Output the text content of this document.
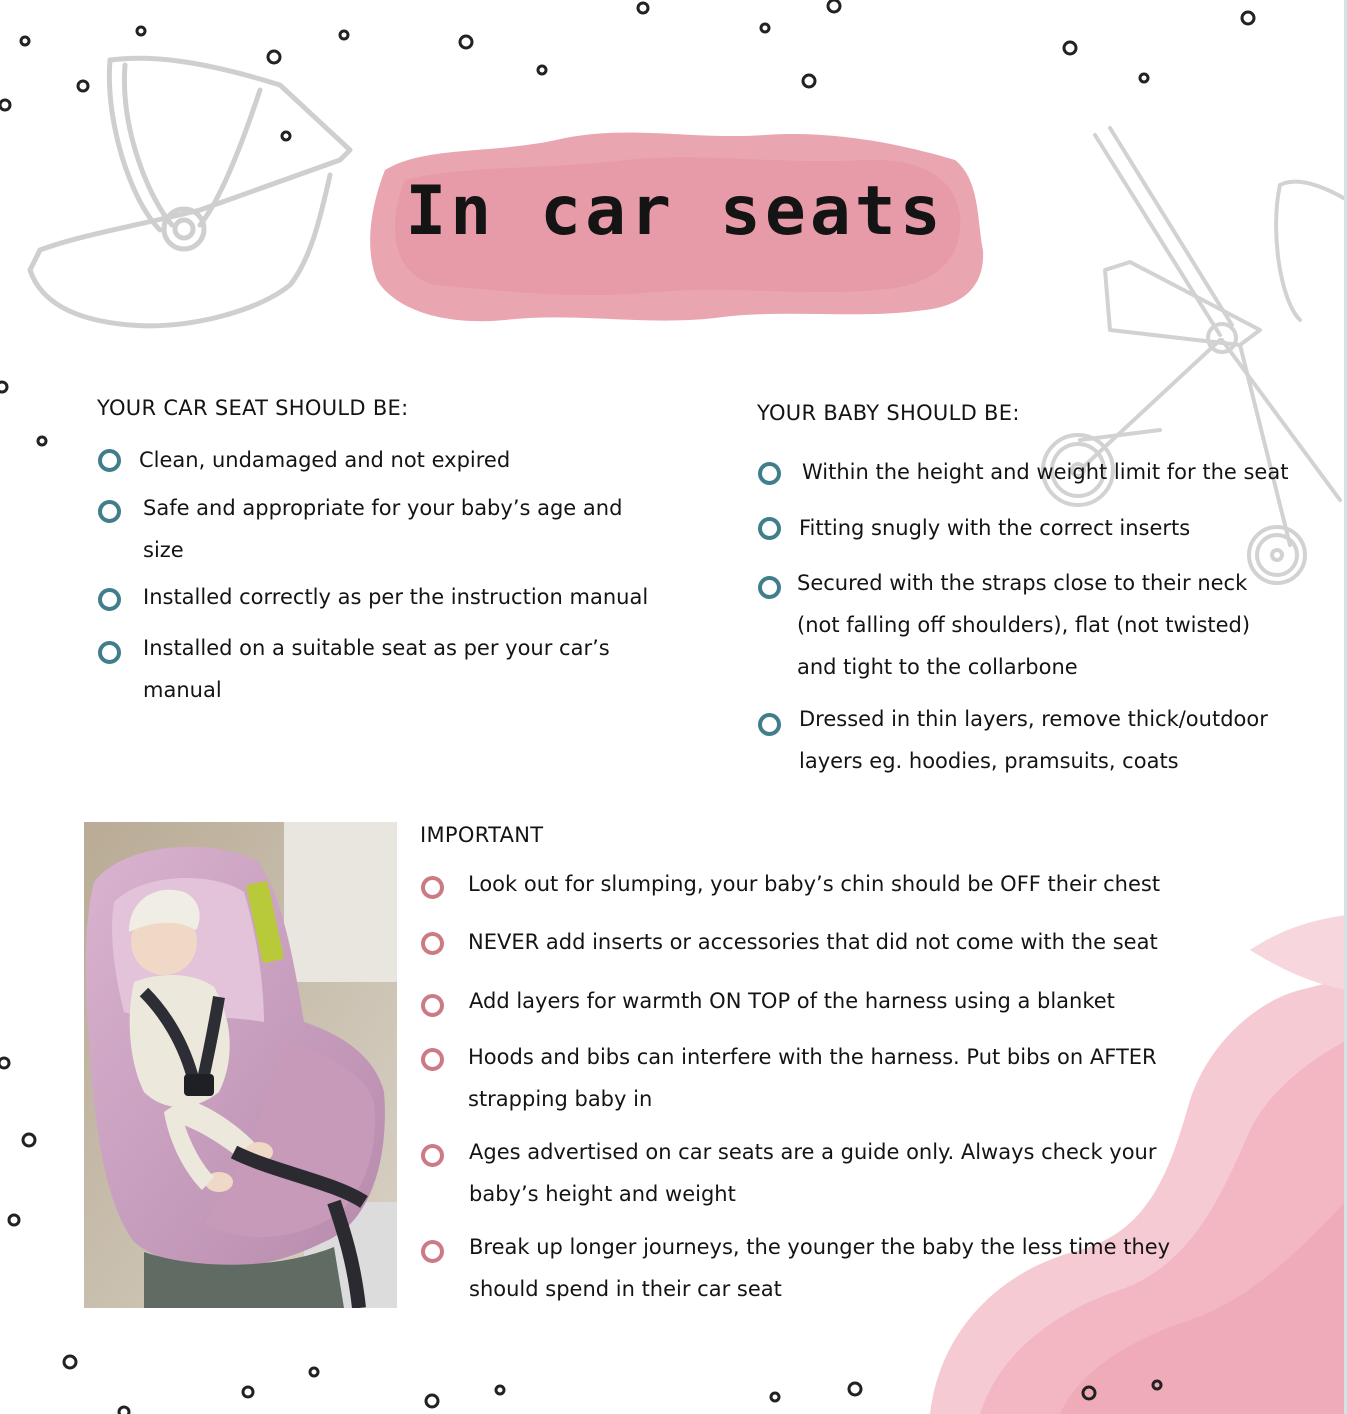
In car seats
YOUR CAR SEAT SHOULD BE:
Clean, undamaged and not expired
Safe and appropriate for your baby’s age and size
Installed correctly as per the instruction manual
Installed on a suitable seat as per your car’s manual
YOUR BABY SHOULD BE:
Within the height and weight limit for the seat
Fitting snugly with the correct inserts
Secured with the straps close to their neck (not falling off shoulders), flat (not twisted) and tight to the collarbone
Dressed in thin layers, remove thick/outdoor layers eg. hoodies, pramsuits, coats
IMPORTANT
Look out for slumping, your baby’s chin should be OFF their chest
NEVER add inserts or accessories that did not come with the seat
Add layers for warmth ON TOP of the harness using a blanket
Hoods and bibs can interfere with the harness. Put bibs on AFTER strapping baby in
Ages advertised on car seats are a guide only. Always check your baby’s height and weight
Break up longer journeys, the younger the baby the less time they should spend in their car seat
